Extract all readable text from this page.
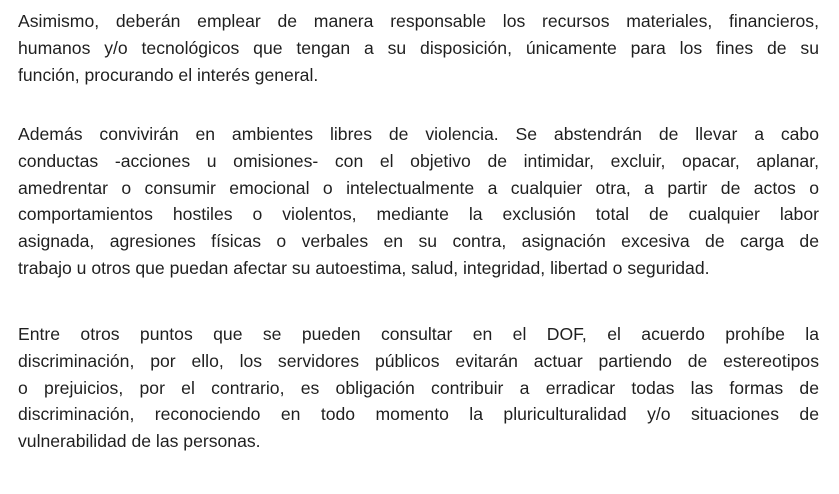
Asimismo, deberán emplear de manera responsable los recursos materiales, financieros,
humanos y/o tecnológicos que tengan a su disposición, únicamente para los fines de su
función, procurando el interés general.
Además convivirán en ambientes libres de violencia. Se abstendrán de llevar a cabo
conductas -acciones u omisiones- con el objetivo de intimidar, excluir, opacar, aplanar,
amedrentar o consumir emocional o intelectualmente a cualquier otra, a partir de actos o
comportamientos hostiles o violentos, mediante la exclusión total de cualquier labor
asignada, agresiones físicas o verbales en su contra, asignación excesiva de carga de
trabajo u otros que puedan afectar su autoestima, salud, integridad, libertad o seguridad.
Entre otros puntos que se pueden consultar en el DOF, el acuerdo prohíbe la
discriminación, por ello, los servidores públicos evitarán actuar partiendo de estereotipos
o prejuicios, por el contrario, es obligación contribuir a erradicar todas las formas de
discriminación, reconociendo en todo momento la pluriculturalidad y/o situaciones de
vulnerabilidad de las personas.
